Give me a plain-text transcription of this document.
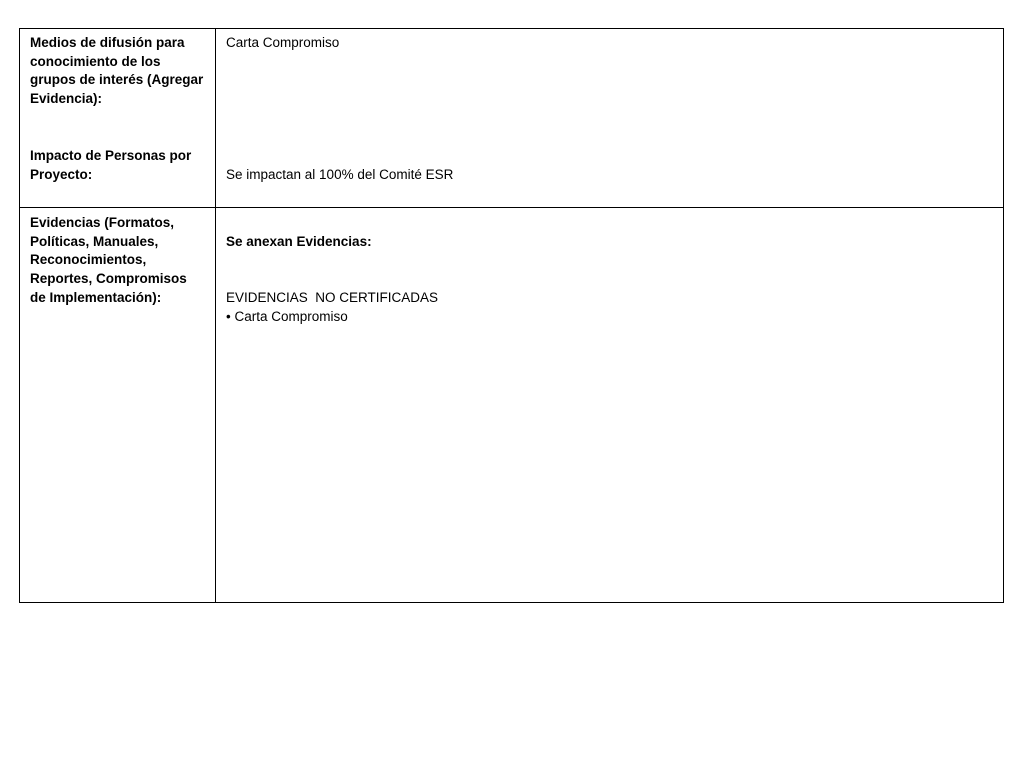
Medios de difusión para
conocimiento de los
grupos de interés (Agregar
Evidencia):
Carta Compromiso
Impacto de Personas por
Proyecto:	Se impactan al 100% del Comité ESR
Evidencias (Formatos,
Políticas, Manuales,
Reconocimientos,
Reportes, Compromisos
de Implementación):
Se anexan Evidencias:
EVIDENCIAS  NO CERTIFICADAS
• Carta Compromiso
